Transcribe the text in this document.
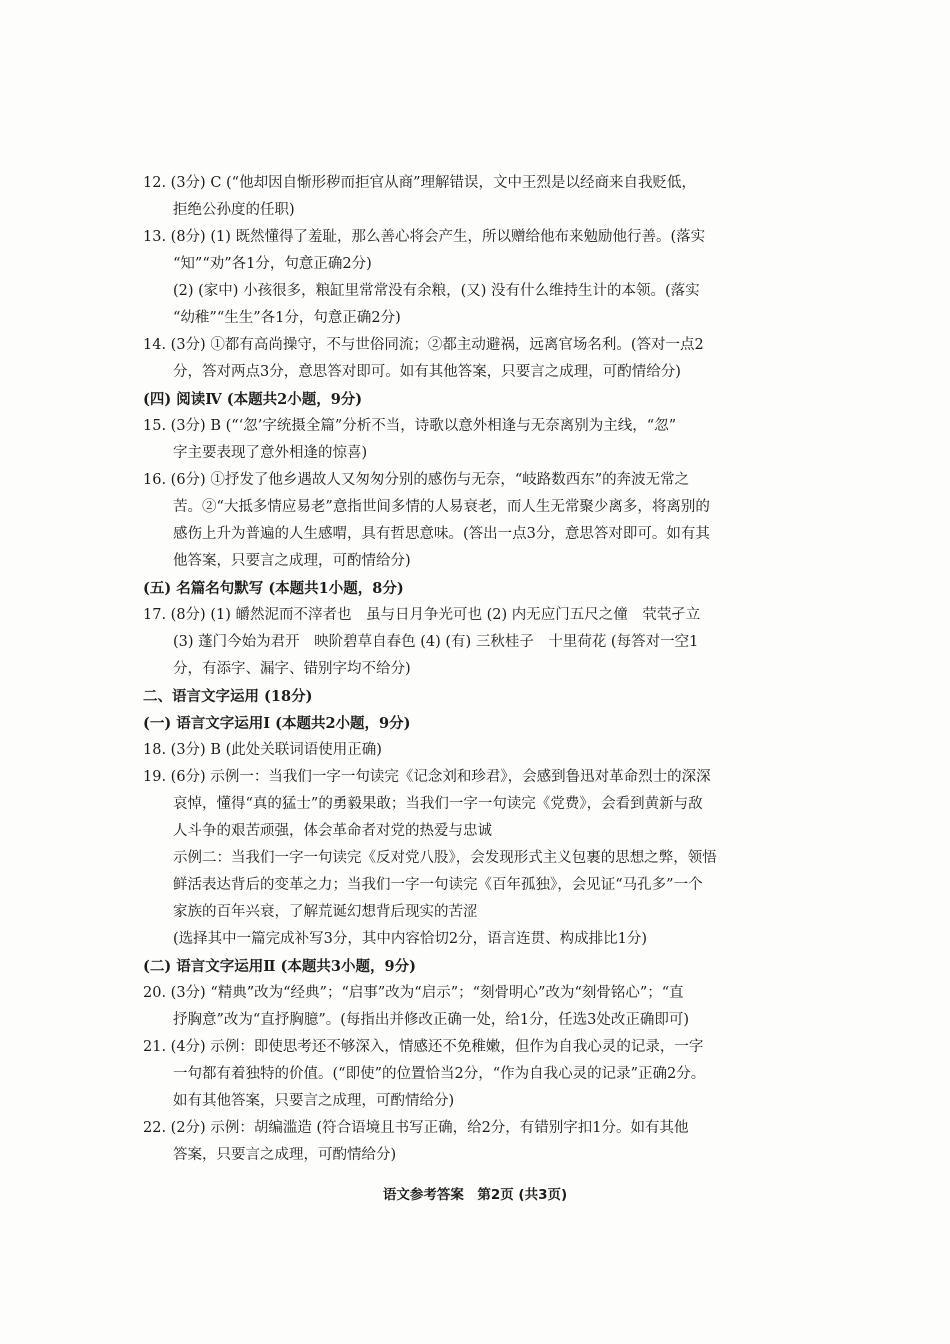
12. (3分) C (“他却因自惭形秽而拒官从商”理解错误，文中王烈是以经商来自我贬低，
拒绝公孙度的任职)
13. (8分) (1) 既然懂得了羞耻，那么善心将会产生，所以赠给他布来勉励他行善。(落实
“知”“劝”各1分，句意正确2分)
(2) (家中) 小孩很多，粮缸里常常没有余粮，(又) 没有什么维持生计的本领。(落实
“幼稚”“生生”各1分，句意正确2分)
14. (3分) ①都有高尚操守，不与世俗同流；②都主动避祸，远离官场名利。(答对一点2
分，答对两点3分，意思答对即可。如有其他答案，只要言之成理，可酌情给分)
(四) 阅读Ⅳ (本题共2小题，9分)
15. (3分) B (“‘忽’字统摄全篇”分析不当，诗歌以意外相逢与无奈离别为主线，“忽”
字主要表现了意外相逢的惊喜)
16. (6分) ①抒发了他乡遇故人又匆匆分别的感伤与无奈，“岐路数西东”的奔波无常之
苦。②“大抵多情应易老”意指世间多情的人易衰老，而人生无常聚少离多，将离别的
感伤上升为普遍的人生感喟，具有哲思意味。(答出一点3分，意思答对即可。如有其
他答案，只要言之成理，可酌情给分)
(五) 名篇名句默写 (本题共1小题，8分)
17. (8分) (1) 皭然泥而不滓者也　虽与日月争光可也 (2) 内无应门五尺之僮　茕茕孑立
(3) 蓬门今始为君开　映阶碧草自春色 (4) (有) 三秋桂子　十里荷花 (每答对一空1
分，有添字、漏字、错别字均不给分)
二、语言文字运用 (18分)
(一) 语言文字运用Ⅰ (本题共2小题，9分)
18. (3分) B (此处关联词语使用正确)
19. (6分) 示例一：当我们一字一句读完《记念刘和珍君》，会感到鲁迅对革命烈士的深深
哀悼，懂得“真的猛士”的勇毅果敢；当我们一字一句读完《党费》，会看到黄新与敌
人斗争的艰苦顽强，体会革命者对党的热爱与忠诚
示例二：当我们一字一句读完《反对党八股》，会发现形式主义包裹的思想之弊，领悟
鲜活表达背后的变革之力；当我们一字一句读完《百年孤独》，会见证“马孔多”一个
家族的百年兴衰，了解荒诞幻想背后现实的苦涩
(选择其中一篇完成补写3分，其中内容恰切2分，语言连贯、构成排比1分)
(二) 语言文字运用Ⅱ (本题共3小题，9分)
20. (3分) “精典”改为“经典”；“启事”改为“启示”；“刻骨明心”改为“刻骨铭心”；“直
抒胸意”改为“直抒胸臆”。(每指出并修改正确一处，给1分，任选3处改正确即可)
21. (4分) 示例：即使思考还不够深入，情感还不免稚嫩，但作为自我心灵的记录，一字
一句都有着独特的价值。(“即使”的位置恰当2分，“作为自我心灵的记录”正确2分。
如有其他答案，只要言之成理，可酌情给分)
22. (2分) 示例：胡编滥造 (符合语境且书写正确，给2分，有错别字扣1分。如有其他
答案，只要言之成理，可酌情给分)
语文参考答案　第2页 (共3页)
